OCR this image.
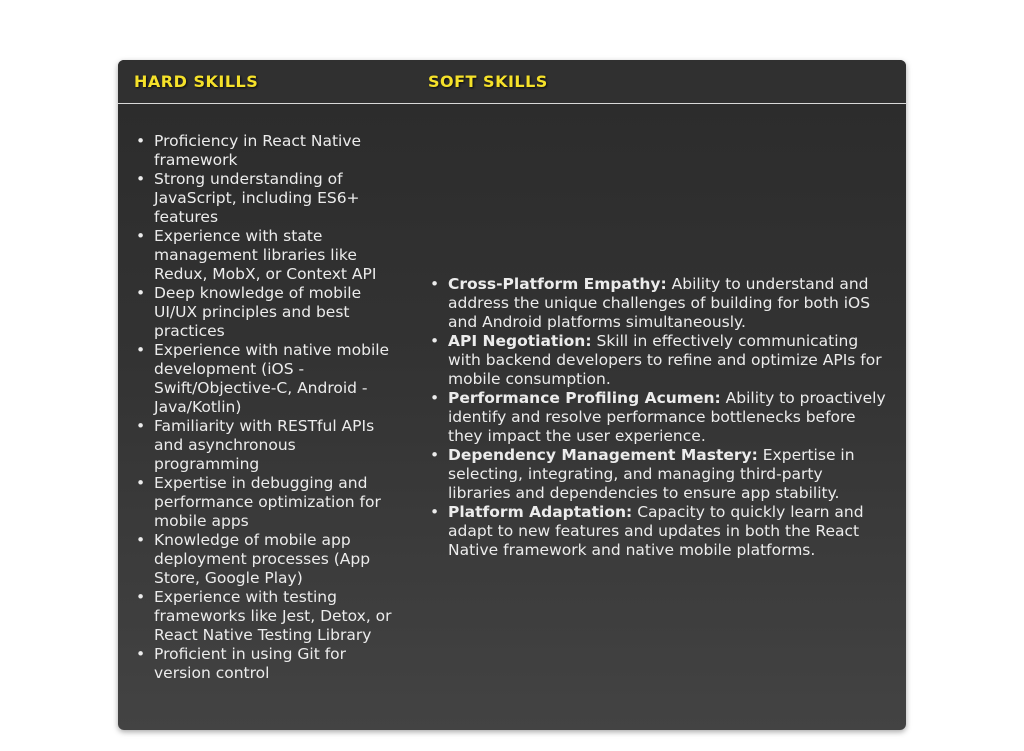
HARD SKILLS	SOFT SKILLS
• Proficiency in React Native framework
• Strong understanding of JavaScript, including ES6+ features
• Experience with state management libraries like Redux, MobX, or Context API
• Deep knowledge of mobile UI/UX principles and best practices
• Experience with native mobile development (iOS - Swift/Objective-C, Android - Java/Kotlin)
• Familiarity with RESTful APIs and asynchronous programming
• Expertise in debugging and performance optimization for mobile apps
• Knowledge of mobile app deployment processes (App Store, Google Play)
• Experience with testing frameworks like Jest, Detox, or React Native Testing Library
• Proficient in using Git for version control
• Cross-Platform Empathy: Ability to understand and address the unique challenges of building for both iOS and Android platforms simultaneously.
• API Negotiation: Skill in effectively communicating with backend developers to refine and optimize APIs for mobile consumption.
• Performance Profiling Acumen: Ability to proactively identify and resolve performance bottlenecks before they impact the user experience.
• Dependency Management Mastery: Expertise in selecting, integrating, and managing third-party libraries and dependencies to ensure app stability.
• Platform Adaptation: Capacity to quickly learn and adapt to new features and updates in both the React Native framework and native mobile platforms.
